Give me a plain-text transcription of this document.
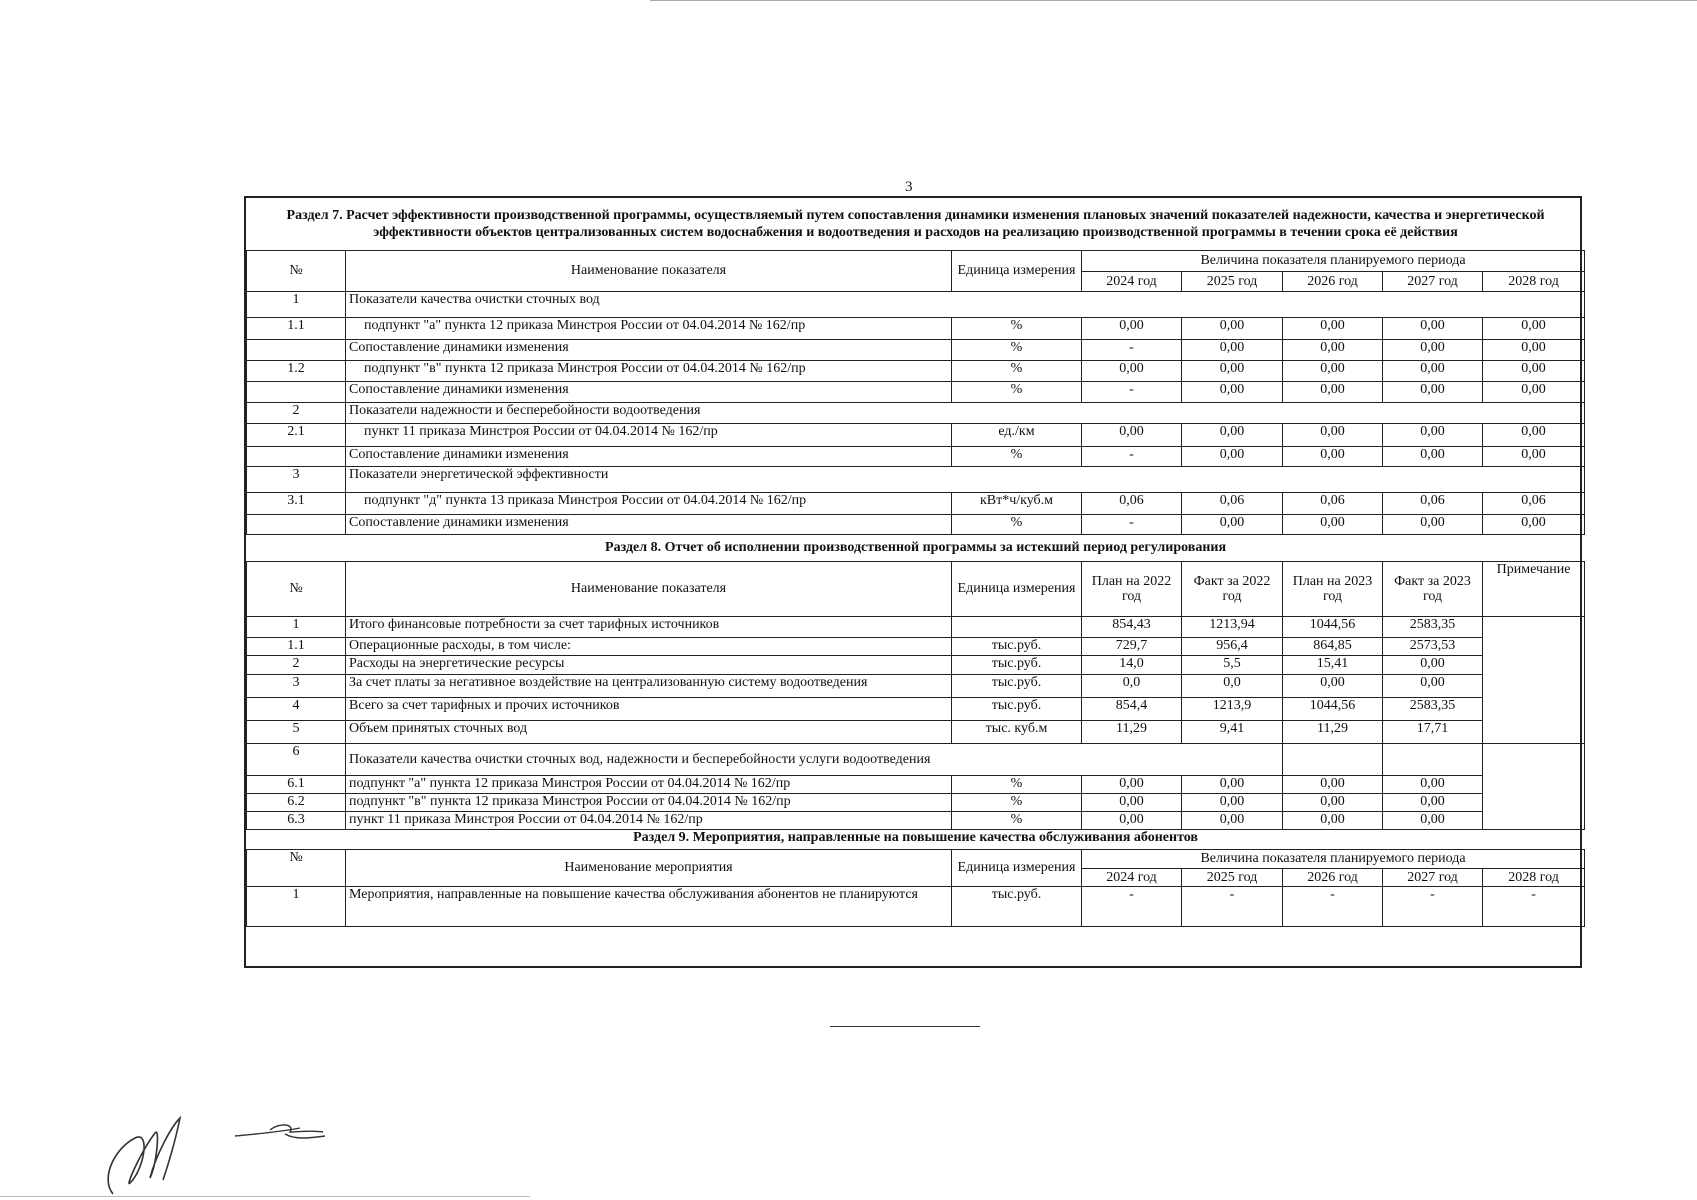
3
Раздел 7. Расчет эффективности производственной программы, осуществляемый путем сопоставления динамики изменения плановых значений показателей надежности, качества и энергетической эффективности объектов централизованных систем водоснабжения и водоотведения и расходов на реализацию производственной программы в течении срока её действия							
№	Наименование показателя	Единица измерения	Величина показателя планируемого периода				
			2024 год	2025 год	2026 год	2027 год	2028 год
1	Показатели качества очистки сточных вод						
1.1	подпункт "а" пункта 12 приказа Минстроя России от 04.04.2014 № 162/пр	%	0,00	0,00	0,00	0,00	0,00
	Сопоставление динамики изменения	%	-	0,00	0,00	0,00	0,00
1.2	подпункт "в" пункта 12 приказа Минстроя России от 04.04.2014 № 162/пр	%	0,00	0,00	0,00	0,00	0,00
	Сопоставление динамики изменения	%	-	0,00	0,00	0,00	0,00
2	Показатели надежности и бесперебойности водоотведения						
2.1	пункт 11 приказа Минстроя России от 04.04.2014 № 162/пр	ед./км	0,00	0,00	0,00	0,00	0,00
	Сопоставление динамики изменения	%	-	0,00	0,00	0,00	0,00
3	Показатели энергетической эффективности						
3.1	подпункт "д" пункта 13 приказа Минстроя России от 04.04.2014 № 162/пр	кВт*ч/куб.м	0,06	0,06	0,06	0,06	0,06
	Сопоставление динамики изменения	%	-	0,00	0,00	0,00	0,00
Раздел 8. Отчет об исполнении производственной программы за истекший период регулирования							
№	Наименование показателя	Единица измерения	План на 2022 год	Факт за 2022 год	План на 2023 год	Факт за 2023 год	Примечание
1	Итого финансовые потребности за счет тарифных источников		854,43	1213,94	1044,56	2583,35	
1.1	Операционные расходы, в том числе:	тыс.руб.	729,7	956,4	864,85	2573,53	
2	Расходы на энергетические ресурсы	тыс.руб.	14,0	5,5	15,41	0,00	
3	За счет платы за негативное воздействие на централизованную систему водоотведения	тыс.руб.	0,0	0,0	0,00	0,00	
4	Всего за счет тарифных и прочих источников	тыс.руб.	854,4	1213,9	1044,56	2583,35	
5	Объем принятых сточных вод	тыс. куб.м	11,29	9,41	11,29	17,71	
6	Показатели качества очистки сточных вод, надежности и бесперебойности услуги водоотведения						
6.1	подпункт "а" пункта 12 приказа Минстроя России от 04.04.2014 № 162/пр	%	0,00	0,00	0,00	0,00	
6.2	подпункт "в" пункта 12 приказа Минстроя России от 04.04.2014 № 162/пр	%	0,00	0,00	0,00	0,00	
6.3	пункт 11 приказа Минстроя России от 04.04.2014 № 162/пр	%	0,00	0,00	0,00	0,00	
Раздел 9. Мероприятия, направленные на повышение качества обслуживания абонентов							
№	Наименование мероприятия	Единица измерения	Величина показателя планируемого периода				
			2024 год	2025 год	2026 год	2027 год	2028 год
1	Мероприятия, направленные на повышение качества обслуживания абонентов не планируются	тыс.руб.	-	-	-	-	-
